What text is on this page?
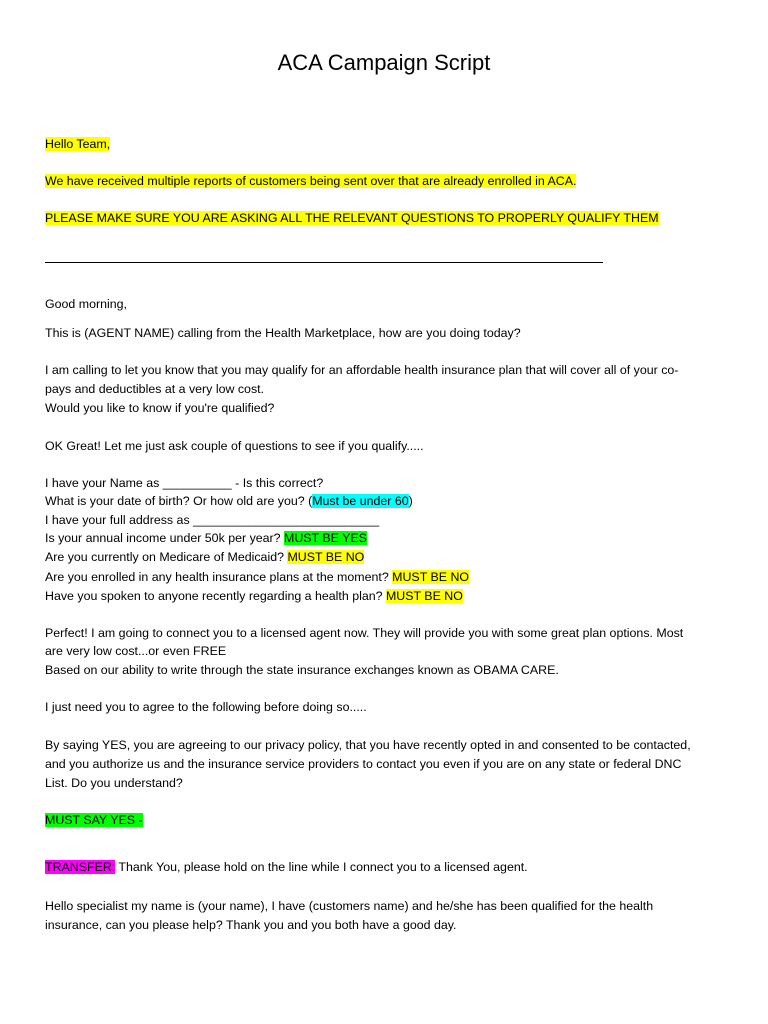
ACA Campaign Script
Hello Team,
We have received multiple reports of customers being sent over that are already enrolled in ACA.
PLEASE MAKE SURE YOU ARE ASKING ALL THE RELEVANT QUESTIONS TO PROPERLY QUALIFY THEM
Good morning,
This is (AGENT NAME) calling from the Health Marketplace, how are you doing today?
I am calling to let you know that you may qualify for an affordable health insurance plan that will cover all of your co-
pays and deductibles at a very low cost.
Would you like to know if you're qualified?
OK Great! Let me just ask couple of questions to see if you qualify.....
I have your Name as __________ - Is this correct?
What is your date of birth? Or how old are you? (Must be under 60)
I have your full address as ___________________________
Is your annual income under 50k per year? MUST BE YES
Are you currently on Medicare of Medicaid? MUST BE NO
Are you enrolled in any health insurance plans at the moment? MUST BE NO
Have you spoken to anyone recently regarding a health plan? MUST BE NO
Perfect! I am going to connect you to a licensed agent now. They will provide you with some great plan options. Most
are very low cost...or even FREE
Based on our ability to write through the state insurance exchanges known as OBAMA CARE.
I just need you to agree to the following before doing so.....
By saying YES, you are agreeing to our privacy policy, that you have recently opted in and consented to be contacted,
and you authorize us and the insurance service providers to contact you even if you are on any state or federal DNC
List. Do you understand?
MUST SAY YES -
TRANSFER: Thank You, please hold on the line while I connect you to a licensed agent.
Hello specialist my name is (your name), I have (customers name) and he/she has been qualified for the health
insurance, can you please help? Thank you and you both have a good day.
